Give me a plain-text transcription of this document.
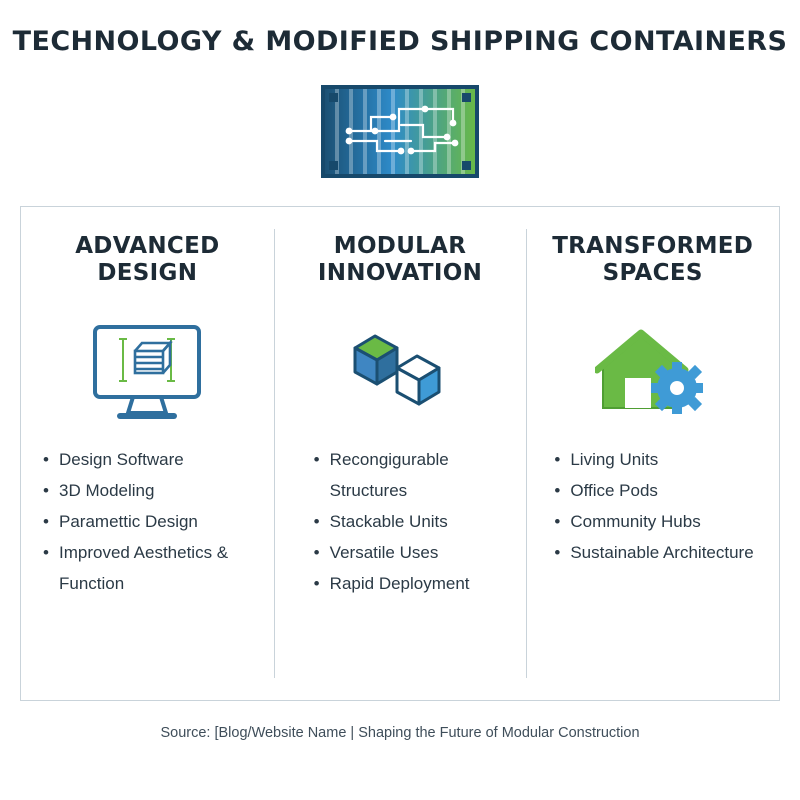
TECHNOLOGY & MODIFIED SHIPPING CONTAINERS
ADVANCED DESIGN
• Design Software
• 3D Modeling
• Paramettic Design
• Improved Aesthetics & Function
MODULAR INNOVATION
• Recongigurable Structures
• Stackable Units
• Versatile Uses
• Rapid Deployment
TRANSFORMED SPACES
• Living Units
• Office Pods
• Community Hubs
• Sustainable Architecture
Source: [Blog/Website Name | Shaping the Future of Modular Construction
